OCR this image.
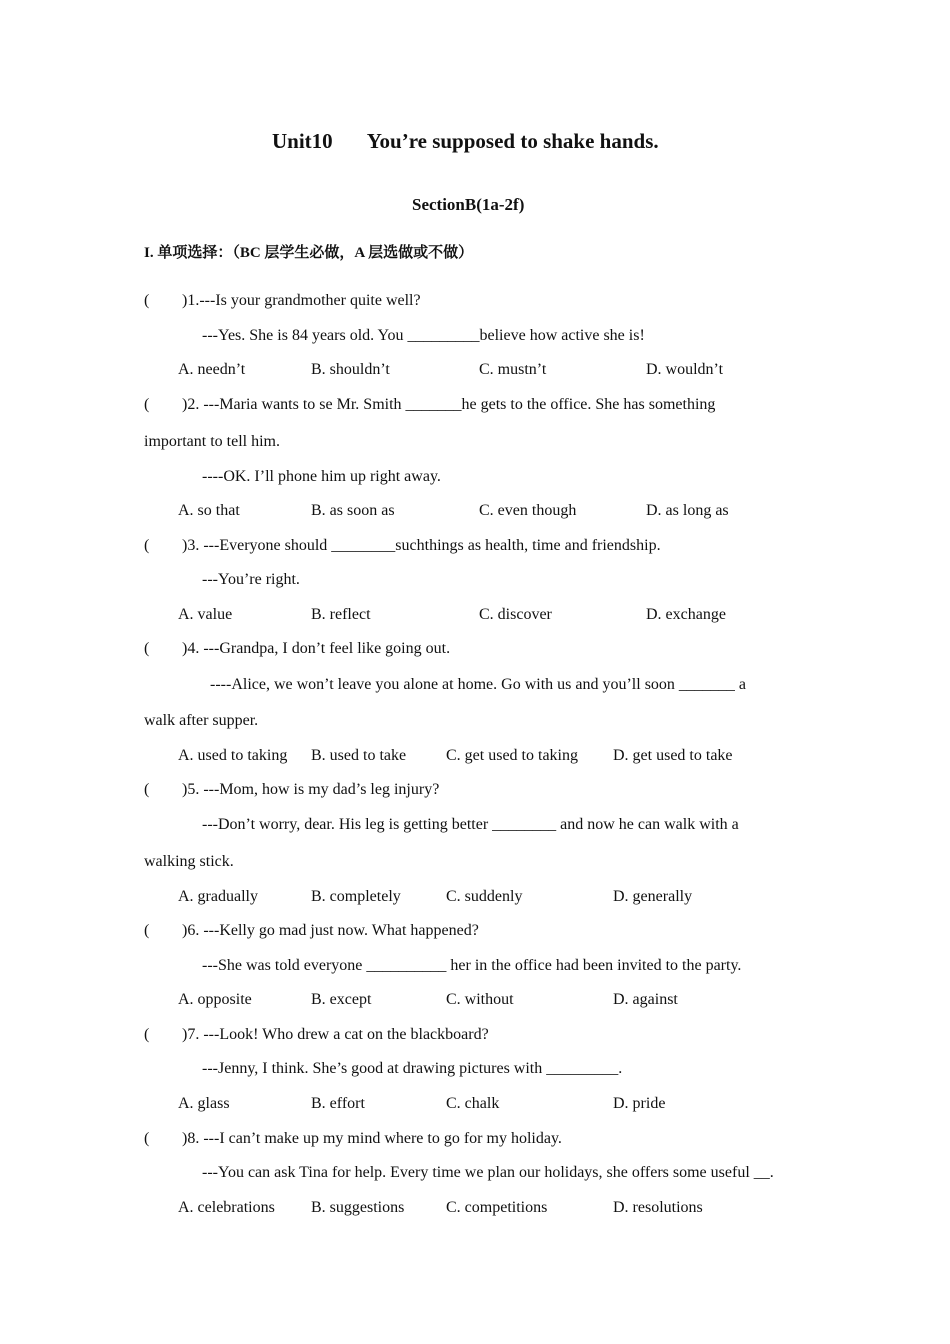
Unit10 You’re supposed to shake hands.
SectionB(1a-2f)
I. 单项选择：（BC 层学生必做，A 层选做或不做）
( )1.---Is your grandmother quite well?
---Yes. She is 84 years old. You _________believe how active she is!
A. needn’t	B. shouldn’t	C. mustn’t	D. wouldn’t
( )2. ---Maria wants to se Mr. Smith _______he gets to the office. She has something
important to tell him.
----OK. I’ll phone him up right away.
A. so that	B. as soon as	C. even though	D. as long as
( )3. ---Everyone should ________suchthings as health, time and friendship.
---You’re right.
A. value	B. reflect	C. discover	D. exchange
( )4. ---Grandpa, I don’t feel like going out.
----Alice, we won’t leave you alone at home. Go with us and you’ll soon _______ a
walk after supper.
A. used to taking B. used to take C. get used to taking D. get used to take
( )5. ---Mom, how is my dad’s leg injury?
---Don’t worry, dear. His leg is getting better ________ and now he can walk with a
walking stick.
A. gradually	B. completely	C. suddenly	D. generally
( )6. ---Kelly go mad just now. What happened?
---She was told everyone __________ her in the office had been invited to the party.
A. opposite	B. except	C. without	D. against
( )7. ---Look! Who drew a cat on the blackboard?
---Jenny, I think. She’s good at drawing pictures with _________.
A. glass	B. effort	C. chalk	D. pride
( )8. ---I can’t make up my mind where to go for my holiday.
---You can ask Tina for help. Every time we plan our holidays, she offers some useful __.
A. celebrations B. suggestions	C. competitions	D. resolutions
